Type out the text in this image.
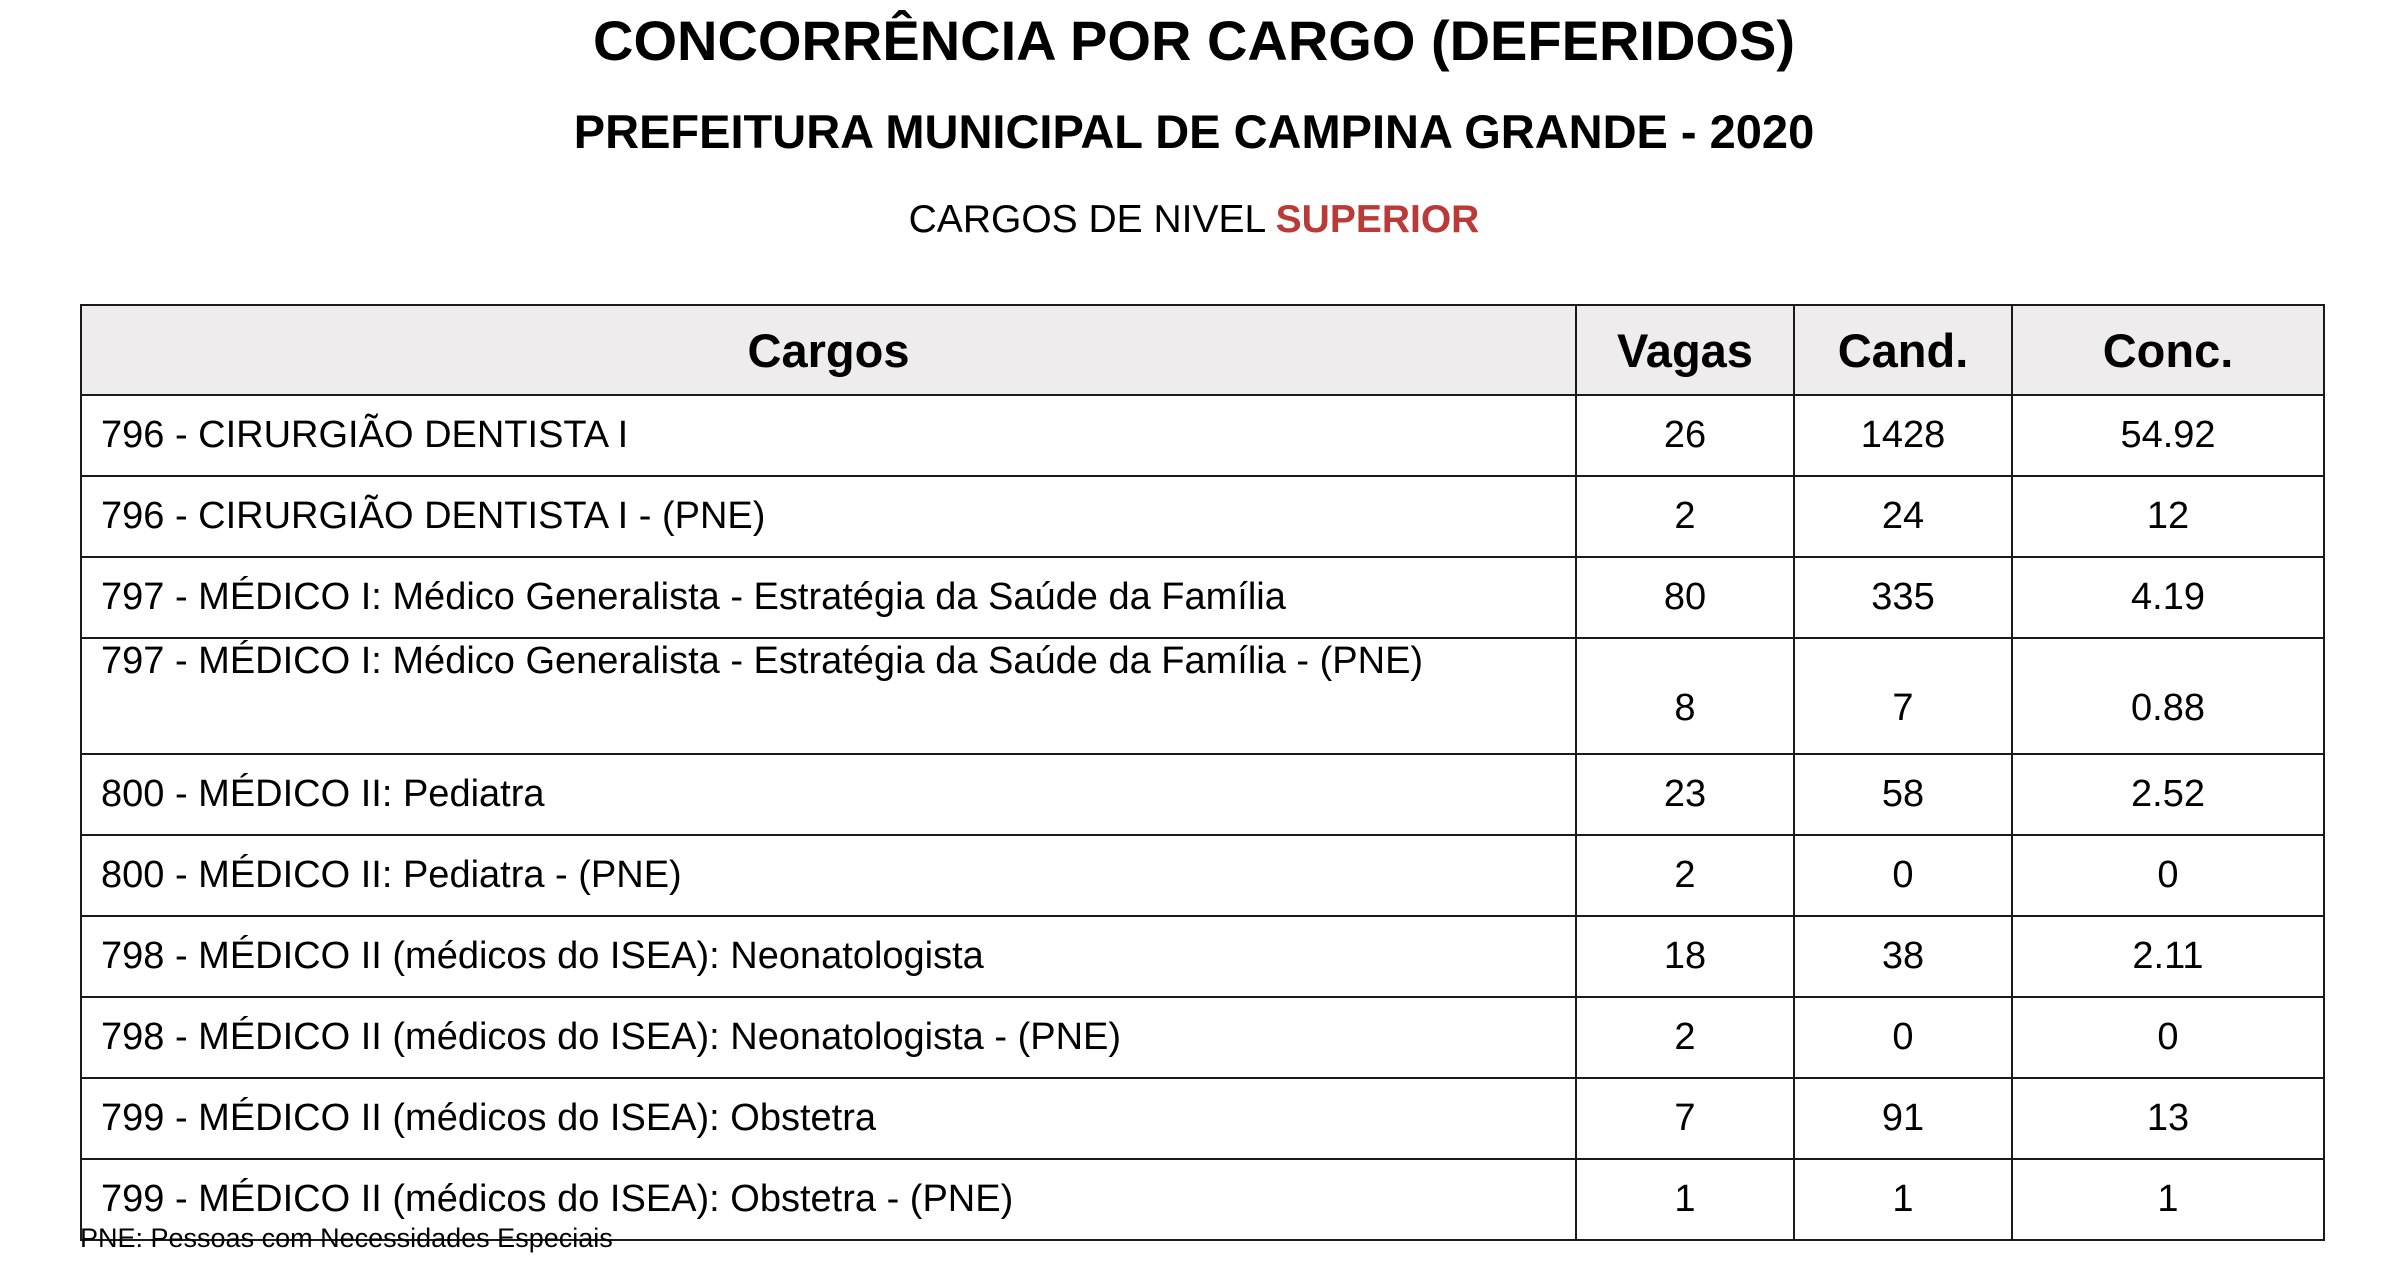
CONCORRÊNCIA POR CARGO (DEFERIDOS)
PREFEITURA MUNICIPAL DE CAMPINA GRANDE - 2020

CARGOS DE NIVEL SUPERIOR

Cargos	Vagas	Cand.	Conc.
796 - CIRURGIÃO DENTISTA I	26	1428	54.92
796 - CIRURGIÃO DENTISTA I - (PNE)	2	24	12
797 - MÉDICO I: Médico Generalista - Estratégia da Saúde da Família	80	335	4.19
797 - MÉDICO I: Médico Generalista - Estratégia da Saúde da Família - (PNE)	8	7	0.88
800 - MÉDICO II: Pediatra	23	58	2.52
800 - MÉDICO II: Pediatra - (PNE)	2	0	0
798 - MÉDICO II (médicos do ISEA): Neonatologista	18	38	2.11
798 - MÉDICO II (médicos do ISEA): Neonatologista - (PNE)	2	0	0
799 - MÉDICO II (médicos do ISEA): Obstetra	7	91	13
799 - MÉDICO II (médicos do ISEA): Obstetra - (PNE)	1	1	1

PNE: Pessoas com Necessidades Especiais
